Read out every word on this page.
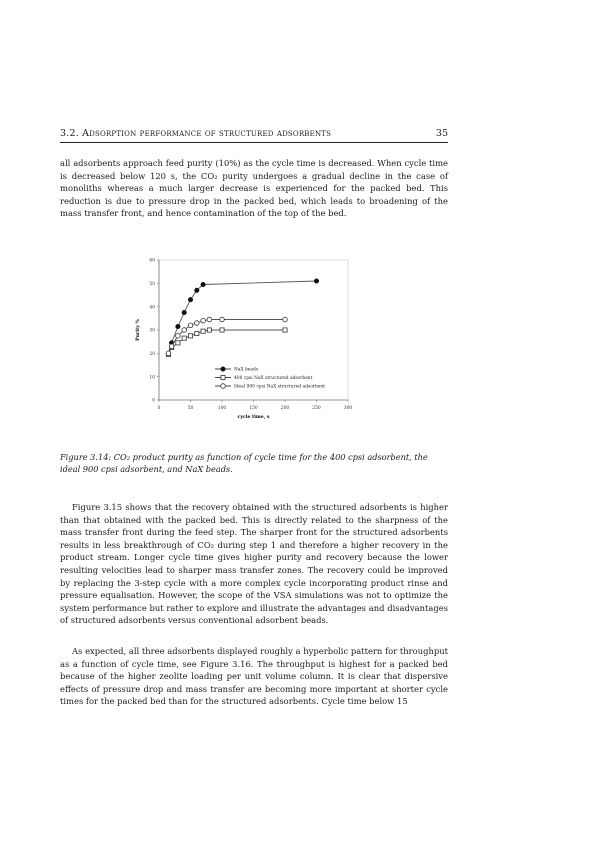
3.2. Adsorption performance of structured adsorbents	35

all adsorbents approach feed purity (10%) as the cycle time is decreased. When cycle time is decreased below 120 s, the CO₂ purity undergoes a gradual decline in the case of monoliths whereas a much larger decrease is experienced for the packed bed. This reduction is due to pressure drop in the packed bed, which leads to broadening of the mass transfer front, and hence contamination of the top of the bed.

0
10
20
30
40
50
60
0	50	100	150	200	250	300
NaX beads
400 cpsi NaX structured adsorbent
Ideal 900 cpsi NaX structured adsorbent
cycle time, s
Purity %

Figure 3.14: CO₂ product purity as function of cycle time for the 400 cpsi adsorbent, the ideal 900 cpsi adsorbent, and NaX beads.

Figure 3.15 shows that the recovery obtained with the structured adsorbents is higher than that obtained with the packed bed. This is directly related to the sharpness of the mass transfer front during the feed step. The sharper front for the structured adsorbents results in less breakthrough of CO₂ during step 1 and therefore a higher recovery in the product stream. Longer cycle time gives higher purity and recovery because the lower resulting velocities lead to sharper mass transfer zones. The recovery could be improved by replacing the 3-step cycle with a more complex cycle incorporating product rinse and pressure equalisation. However, the scope of the VSA simulations was not to optimize the system performance but rather to explore and illustrate the advantages and disadvantages of structured adsorbents versus conventional adsorbent beads.

As expected, all three adsorbents displayed roughly a hyperbolic pattern for throughput as a function of cycle time, see Figure 3.16. The throughput is highest for a packed bed because of the higher zeolite loading per unit volume column. It is clear that dispersive effects of pressure drop and mass transfer are becoming more important at shorter cycle times for the packed bed than for the structured adsorbents. Cycle time below 15
